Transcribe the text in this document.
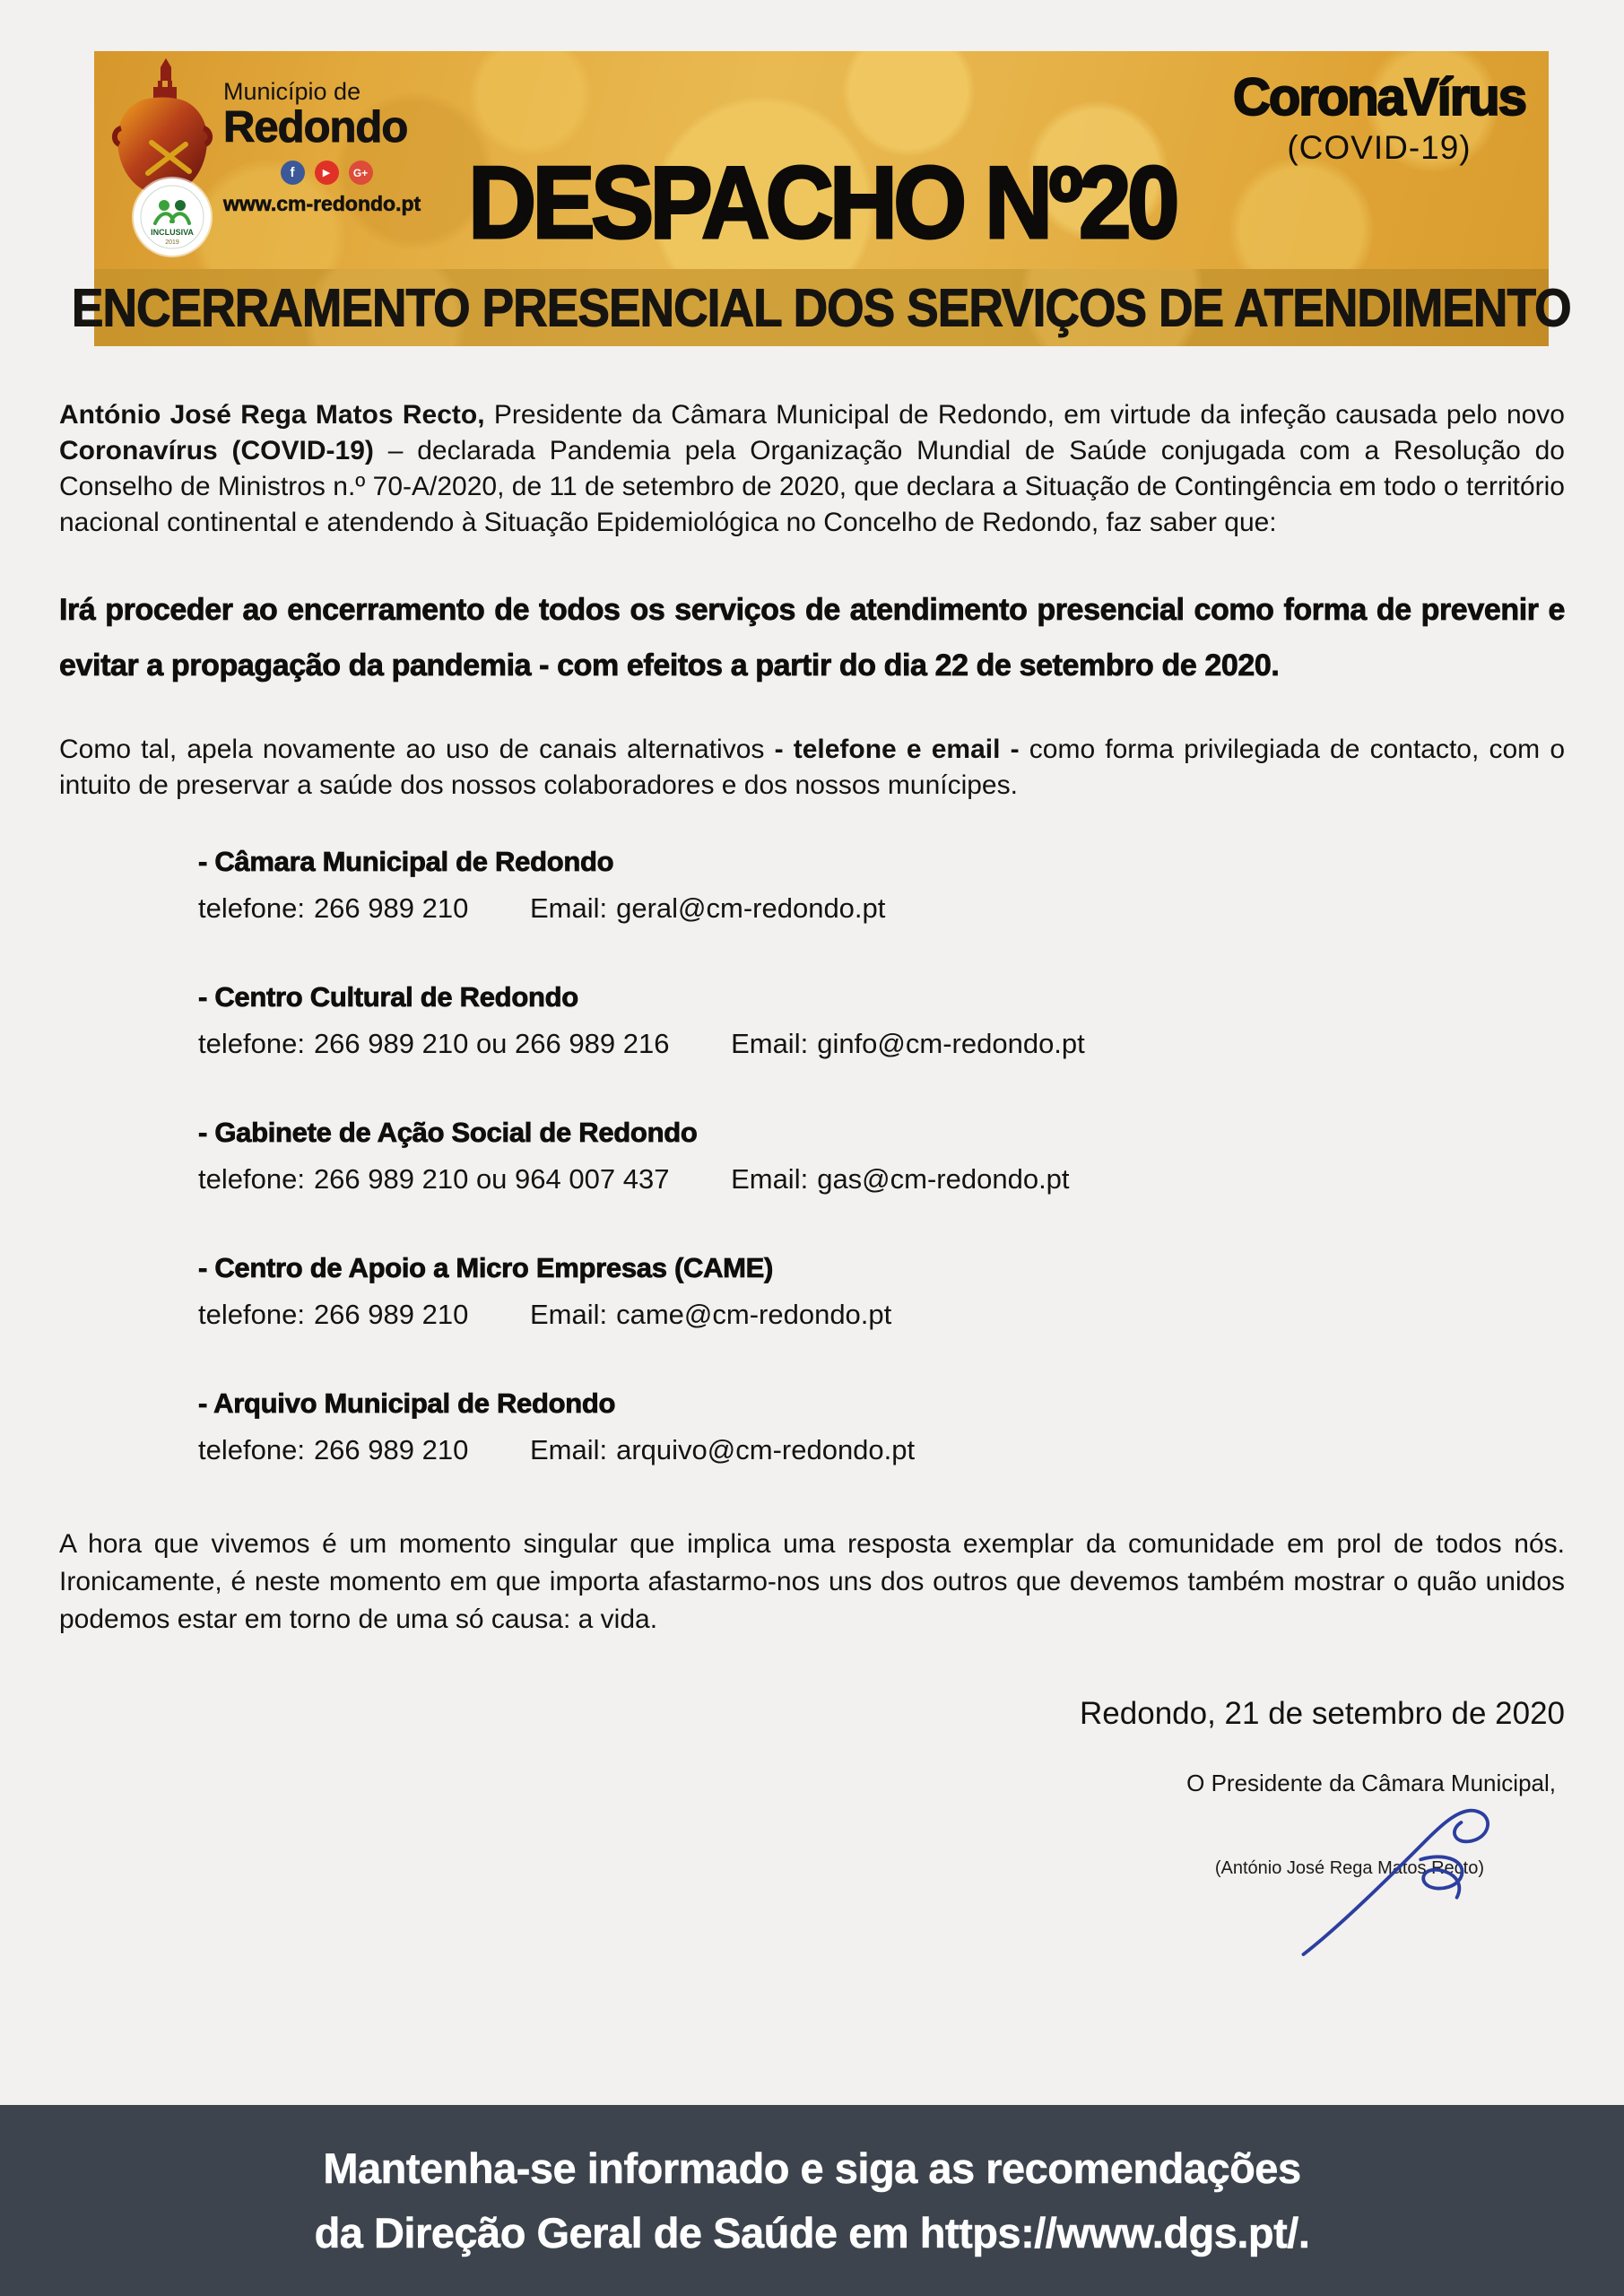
INCLUSIVA
2019
Município de
Redondo
f	▶	G+
www.cm-redondo.pt
CoronaVírus
(COVID-19)
DESPACHO Nº20
ENCERRAMENTO PRESENCIAL DOS SERVIÇOS DE ATENDIMENTO

António José Rega Matos Recto, Presidente da Câmara Municipal de Redondo, em virtude da infeção causada pelo novo Coronavírus (COVID-19) – declarada Pandemia pela Organização Mundial de Saúde conjugada com a Resolução do Conselho de Ministros n.º 70-A/2020, de 11 de setembro de 2020, que declara a Situação de Contingência em todo o território nacional continental e atendendo à Situação Epidemiológica no Concelho de Redondo, faz saber que:

Irá proceder ao encerramento de todos os serviços de atendimento presencial como forma de prevenir e evitar a propagação da pandemia - com efeitos a partir do dia 22 de setembro de 2020.

Como tal, apela novamente ao uso de canais alternativos - telefone e email - como forma privilegiada de contacto, com o intuito de preservar a saúde dos nossos colaboradores e dos nossos munícipes.

- Câmara Municipal de Redondo
telefone: 266 989 210 Email: geral@cm-redondo.pt
- Centro Cultural de Redondo
telefone: 266 989 210 ou 266 989 216 Email: ginfo@cm-redondo.pt
- Gabinete de Ação Social de Redondo
telefone: 266 989 210 ou 964 007 437 Email: gas@cm-redondo.pt
- Centro de Apoio a Micro Empresas (CAME)
telefone: 266 989 210 Email: came@cm-redondo.pt
- Arquivo Municipal de Redondo
telefone: 266 989 210 Email: arquivo@cm-redondo.pt

A hora que vivemos é um momento singular que implica uma resposta exemplar da comunidade em prol de todos nós. Ironicamente, é neste momento em que importa afastarmo-nos uns dos outros que devemos também mostrar o quão unidos podemos estar em torno de uma só causa: a vida.

Redondo, 21 de setembro de 2020
O Presidente da Câmara Municipal,
(António José Rega Matos Recto)
Mantenha-se informado e siga as recomendações
da Direção Geral de Saúde em https://www.dgs.pt/.
